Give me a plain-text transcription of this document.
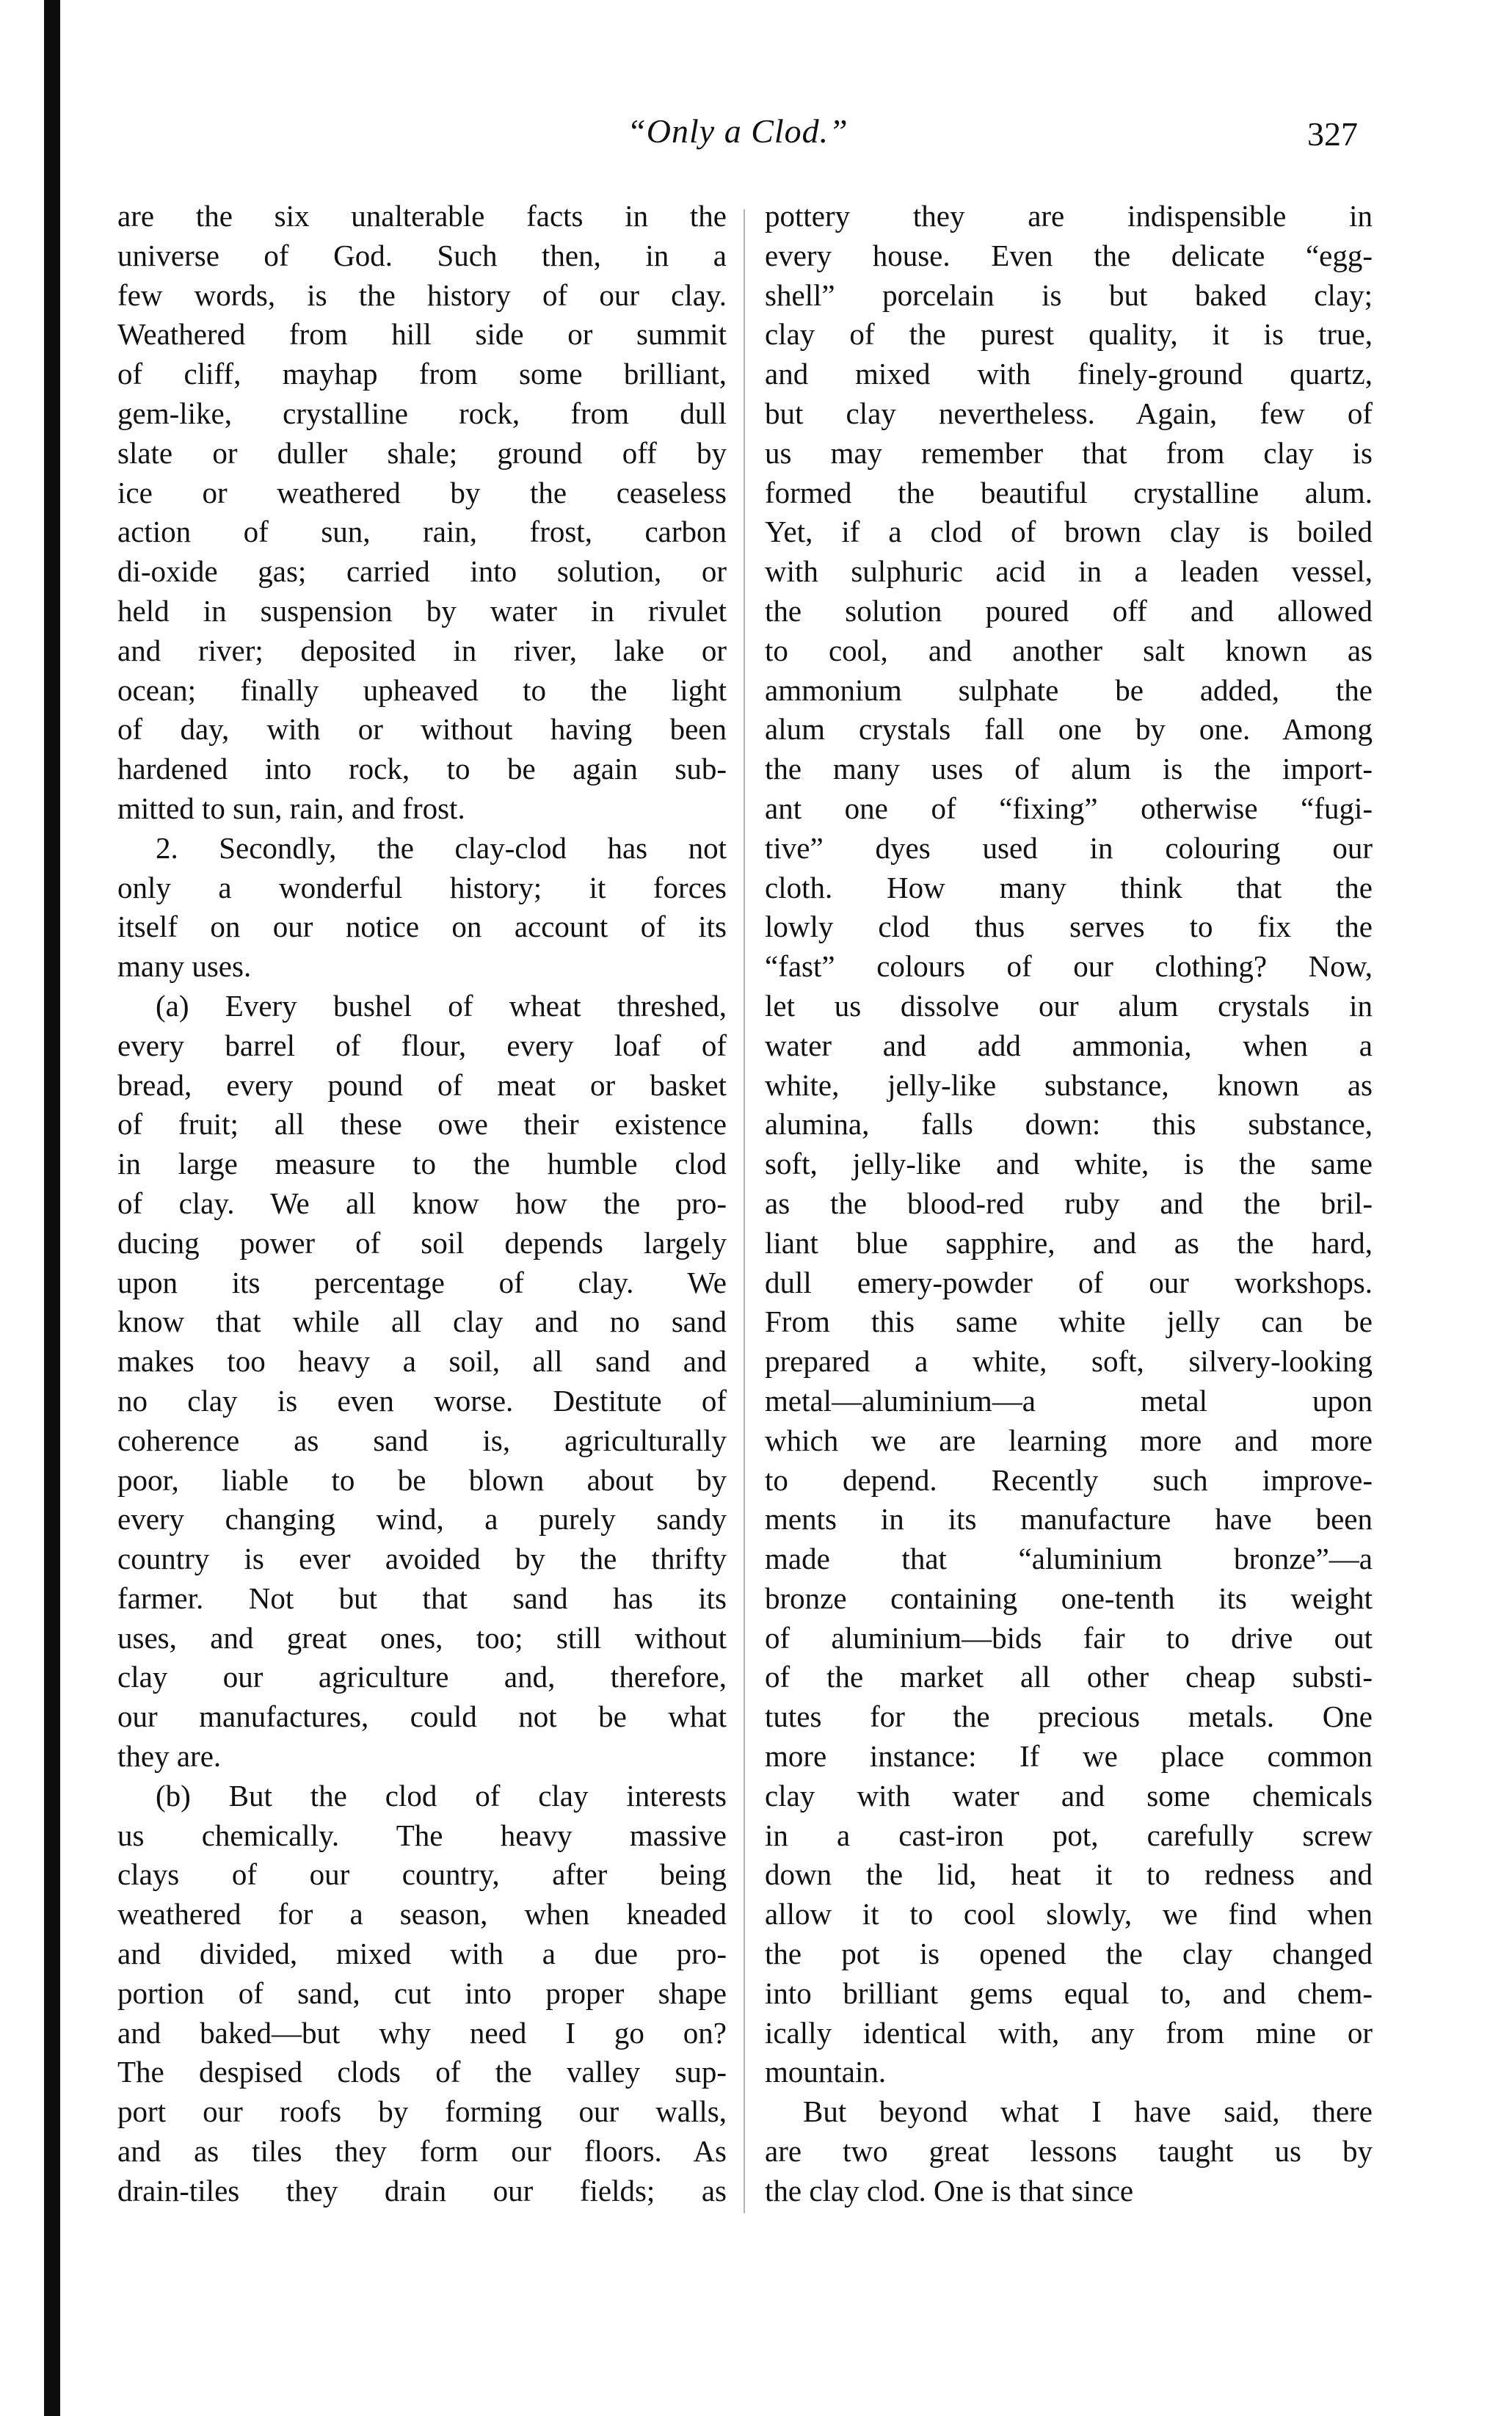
“Only a Clod.”	327
are the six unalterable facts in the
universe of God. Such then, in a
few words, is the history of our clay.
Weathered from hill side or summit
of cliff, mayhap from some brilliant,
gem-like, crystalline rock, from dull
slate or duller shale; ground off by
ice or weathered by the ceaseless
action of sun, rain, frost, carbon
di-oxide gas; carried into solution, or
held in suspension by water in rivulet
and river; deposited in river, lake or
ocean; finally upheaved to the light
of day, with or without having been
hardened into rock, to be again sub-
mitted to sun, rain, and frost.
2. Secondly, the clay-clod has not
only a wonderful history; it forces
itself on our notice on account of its
many uses.
(a) Every bushel of wheat threshed,
every barrel of flour, every loaf of
bread, every pound of meat or basket
of fruit; all these owe their existence
in large measure to the humble clod
of clay. We all know how the pro-
ducing power of soil depends largely
upon its percentage of clay. We
know that while all clay and no sand
makes too heavy a soil, all sand and
no clay is even worse. Destitute of
coherence as sand is, agriculturally
poor, liable to be blown about by
every changing wind, a purely sandy
country is ever avoided by the thrifty
farmer. Not but that sand has its
uses, and great ones, too; still without
clay our agriculture and, therefore,
our manufactures, could not be what
they are.
(b) But the clod of clay interests
us chemically. The heavy massive
clays of our country, after being
weathered for a season, when kneaded
and divided, mixed with a due pro-
portion of sand, cut into proper shape
and baked—but why need I go on?
The despised clods of the valley sup-
port our roofs by forming our walls,
and as tiles they form our floors. As
drain-tiles they drain our fields; as
pottery they are indispensible in
every house. Even the delicate “egg-
shell” porcelain is but baked clay;
clay of the purest quality, it is true,
and mixed with finely-ground quartz,
but clay nevertheless. Again, few of
us may remember that from clay is
formed the beautiful crystalline alum.
Yet, if a clod of brown clay is boiled
with sulphuric acid in a leaden vessel,
the solution poured off and allowed
to cool, and another salt known as
ammonium sulphate be added, the
alum crystals fall one by one. Among
the many uses of alum is the import-
ant one of “fixing” otherwise “fugi-
tive” dyes used in colouring our
cloth. How many think that the
lowly clod thus serves to fix the
“fast” colours of our clothing? Now,
let us dissolve our alum crystals in
water and add ammonia, when a
white, jelly-like substance, known as
alumina, falls down: this substance,
soft, jelly-like and white, is the same
as the blood-red ruby and the bril-
liant blue sapphire, and as the hard,
dull emery-powder of our workshops.
From this same white jelly can be
prepared a white, soft, silvery-looking
metal—aluminium—a metal upon
which we are learning more and more
to depend. Recently such improve-
ments in its manufacture have been
made that “aluminium bronze”—a
bronze containing one-tenth its weight
of aluminium—bids fair to drive out
of the market all other cheap substi-
tutes for the precious metals. One
more instance: If we place common
clay with water and some chemicals
in a cast-iron pot, carefully screw
down the lid, heat it to redness and
allow it to cool slowly, we find when
the pot is opened the clay changed
into brilliant gems equal to, and chem-
ically identical with, any from mine or
mountain.
But beyond what I have said, there
are two great lessons taught us by
the clay clod. One is that since
